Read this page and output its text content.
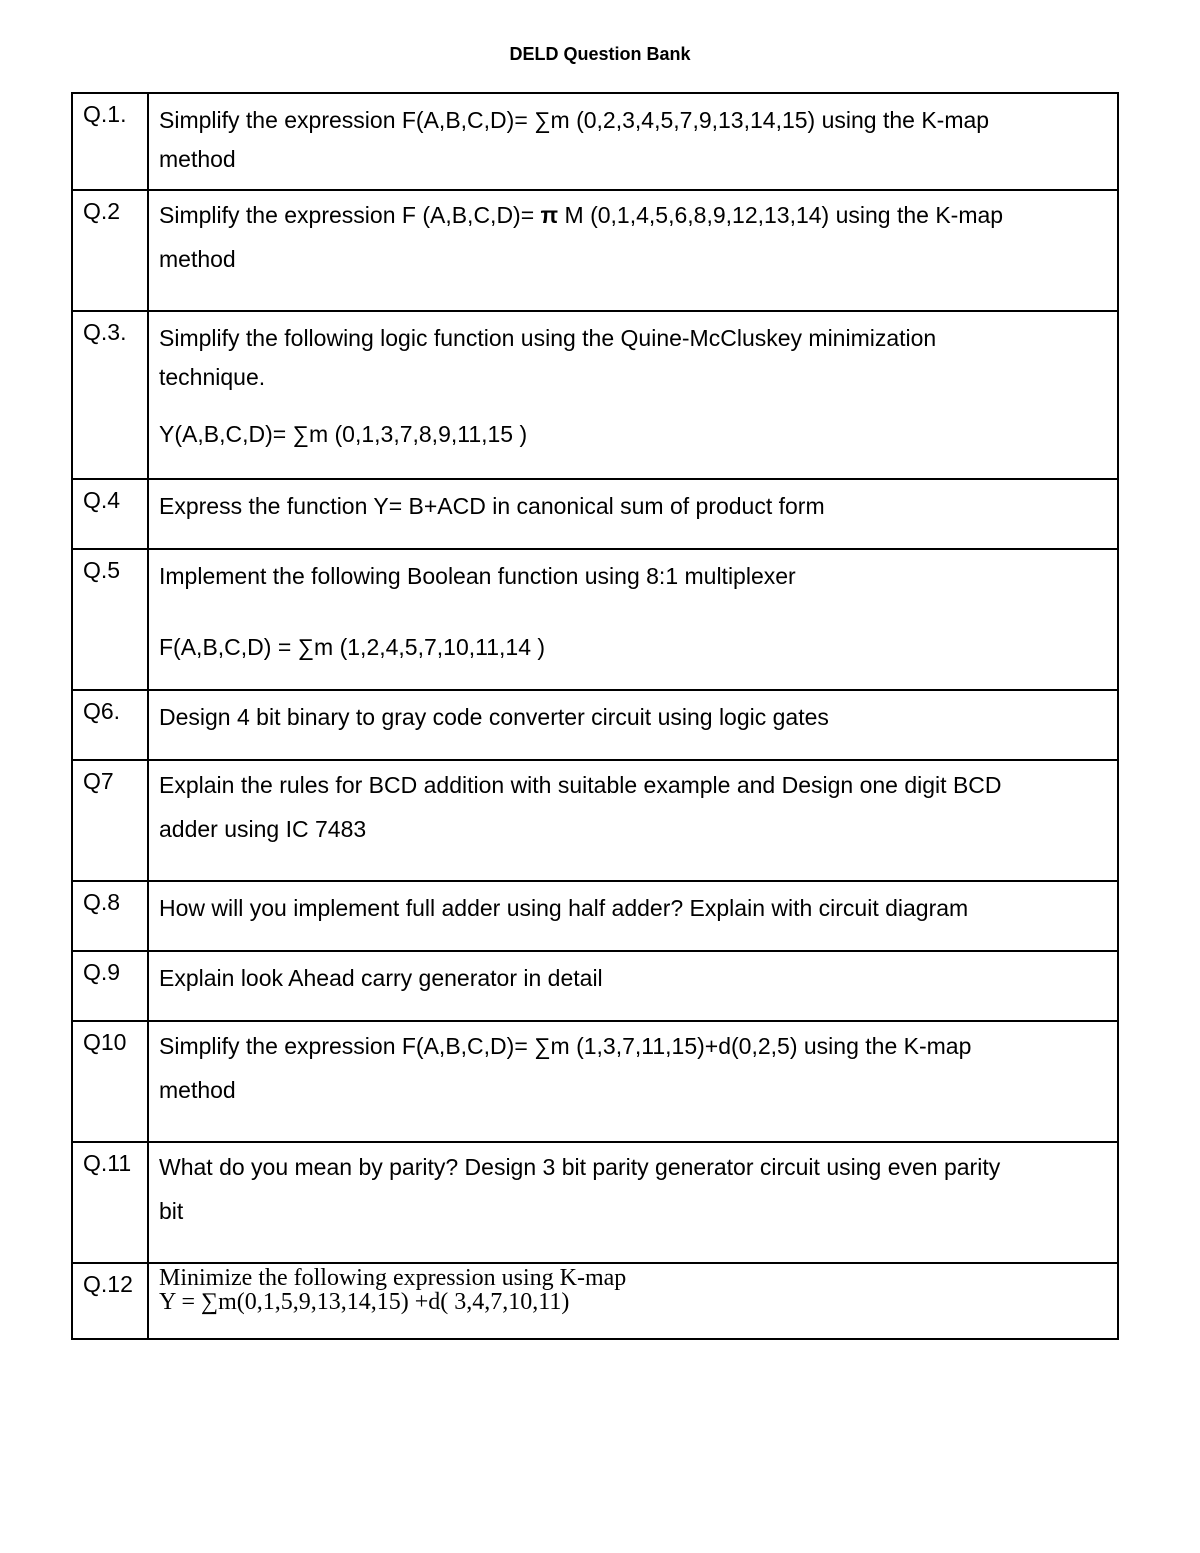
DELD Question Bank
Q.1.	Simplify the expression F(A,B,C,D)= ∑m (0,2,3,4,5,7,9,13,14,15) using the K-map
method

Q.2	Simplify the expression F (A,B,C,D)= π M (0,1,4,5,6,8,9,12,13,14) using the K-map
method

Q.3.	Simplify the following logic function using the Quine-McCluskey minimization
technique.
Y(A,B,C,D)= ∑m (0,1,3,7,8,9,11,15 )

Q.4	Express the function Y= B+ACD in canonical sum of product form

Q.5	Implement the following Boolean function using 8:1 multiplexer
F(A,B,C,D) = ∑m (1,2,4,5,7,10,11,14 )

Q6.	Design 4 bit binary to gray code converter circuit using logic gates

Q7	Explain the rules for BCD addition with suitable example and Design one digit BCD
adder using IC 7483

Q.8	How will you implement full adder using half adder? Explain with circuit diagram

Q.9	Explain look Ahead carry generator in detail

Q10	Simplify the expression F(A,B,C,D)= ∑m (1,3,7,11,15)+d(0,2,5) using the K-map
method

Q.11	What do you mean by parity? Design 3 bit parity generator circuit using even parity
bit

Q.12	Minimize the following expression using K-map
Y = ∑m(0,1,5,9,13,14,15) +d( 3,4,7,10,11)
